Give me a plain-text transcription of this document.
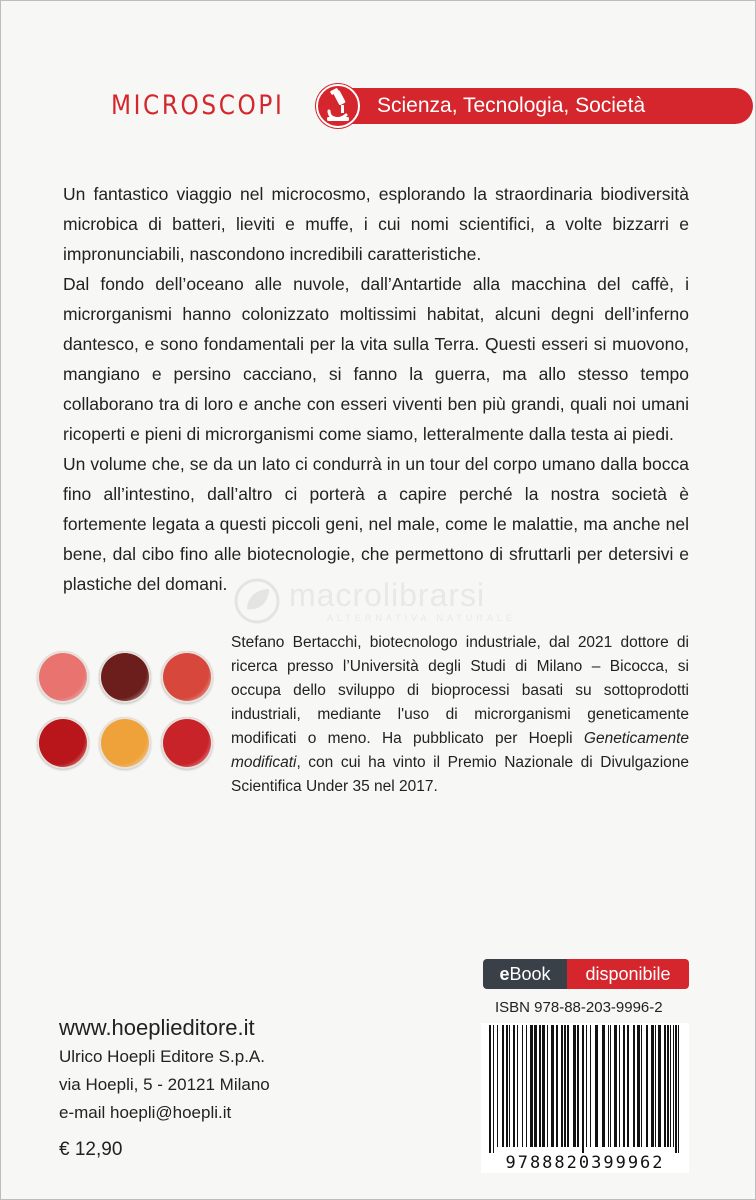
MICROSCOPI	Scienza, Tecnologia, Società

Un fantastico viaggio nel microcosmo, esplorando la straordinaria biodiversità microbica di batteri, lieviti e muffe, i cui nomi scientifici, a volte bizzarri e impronunciabili, nascondono incredibili caratteristiche.

Dal fondo dell’oceano alle nuvole, dall’Antartide alla macchina del caffè, i microrganismi hanno colonizzato moltissimi habitat, alcuni degni dell’inferno dantesco, e sono fondamentali per la vita sulla Terra. Questi esseri si muovono, mangiano e persino cacciano, si fanno la guerra, ma allo stesso tempo collaborano tra di loro e anche con esseri viventi ben più grandi, quali noi umani ricoperti e pieni di microrganismi come siamo, letteralmente dalla testa ai piedi.

Un volume che, se da un lato ci condurrà in un tour del corpo umano dalla bocca fino all’intestino, dall’altro ci porterà a capire perché la nostra società è fortemente legata a questi piccoli geni, nel male, come le malattie, ma anche nel bene, dal cibo fino alle biotecnologie, che permettono di sfruttarli per detersivi e plastiche del domani.	macrolibrarsi
ALTERNATIVA NATURALE

Stefano Bertacchi, biotecnologo industriale, dal 2021 dottore di ricerca presso l’Università degli Studi di Milano – Bicocca, si occupa dello sviluppo di bioprocessi basati su sottoprodotti industriali, mediante l'uso di microrganismi geneticamente modificati o meno. Ha pubblicato per Hoepli Geneticamente modificati, con cui ha vinto il Premio Nazionale di Divulgazione Scientifica Under 35 nel 2017.

eBook	disponibile
ISBN 978-88-203-9996-2
9788820399962
www.hoeplieditore.it
Ulrico Hoepli Editore S.p.A.
via Hoepli, 5 - 20121 Milano
e-mail hoepli@hoepli.it
€ 12,90
